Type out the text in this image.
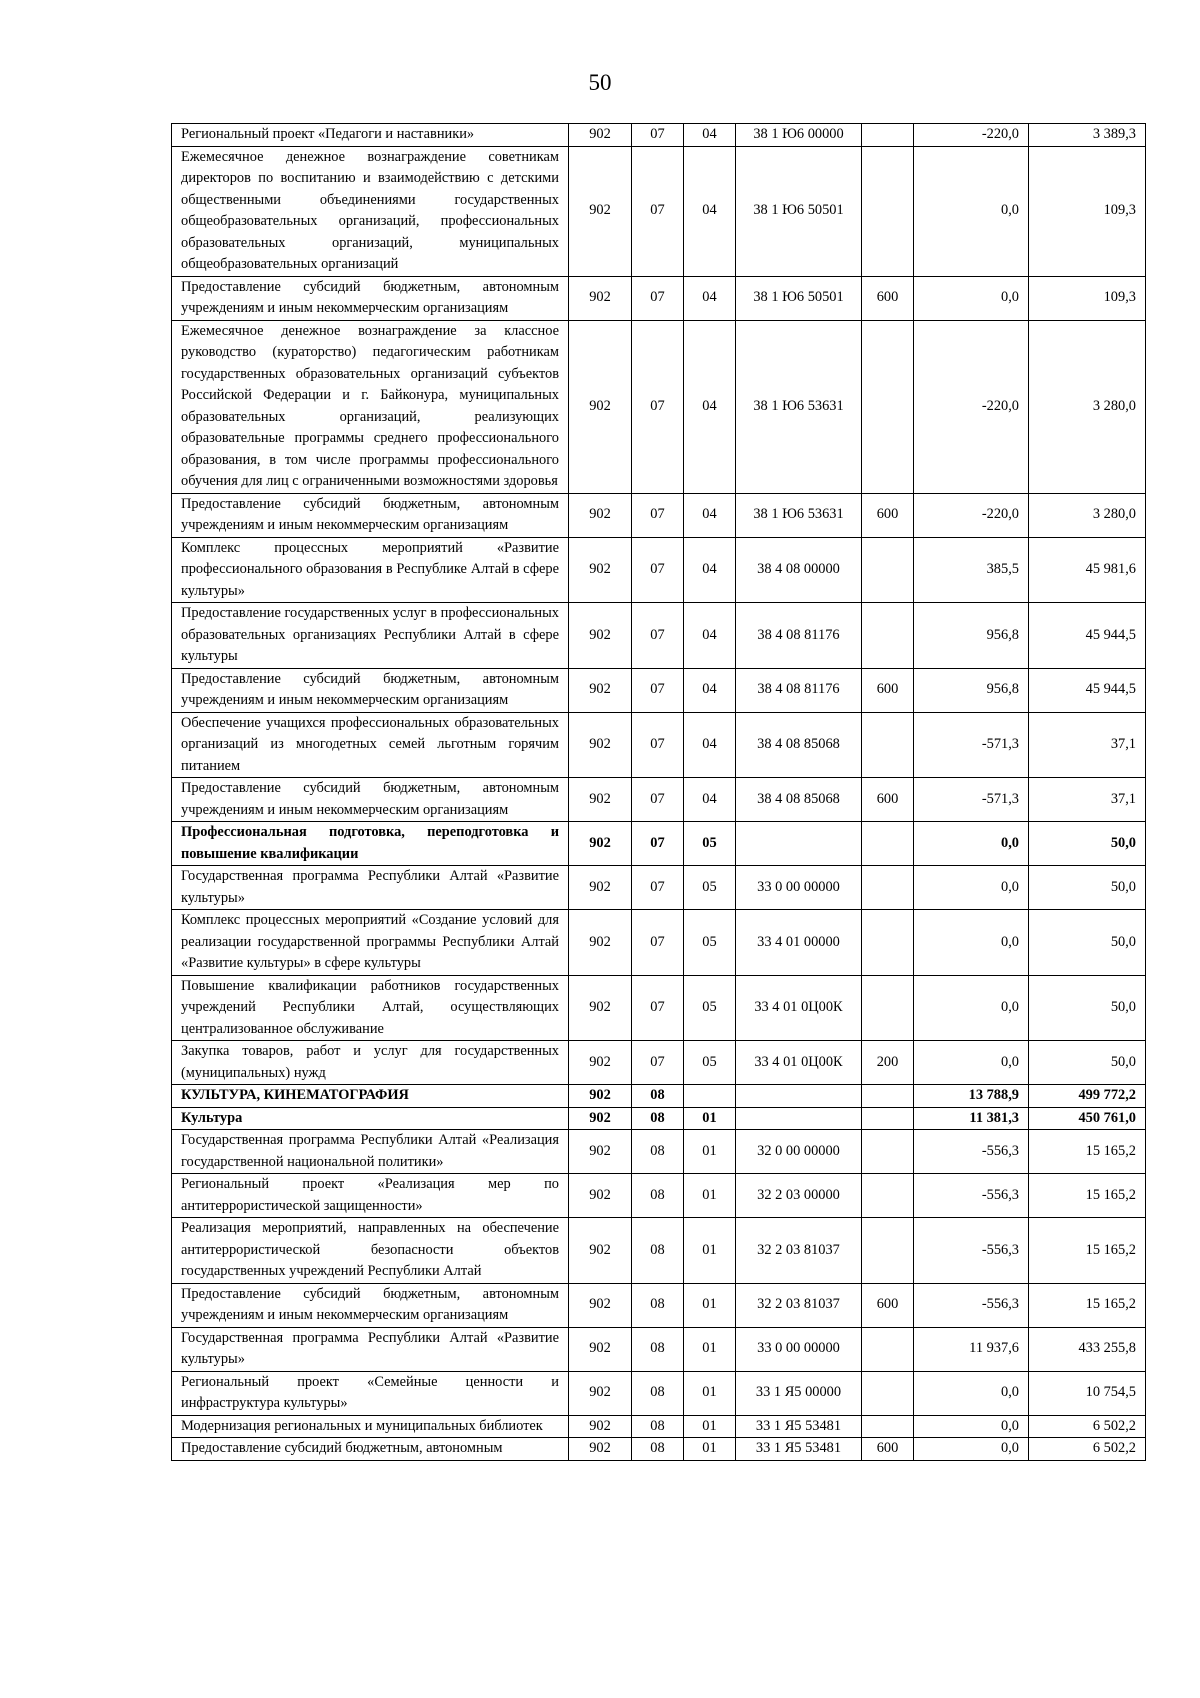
50
Региональный проект «Педагоги и наставники»	902	07	04	38 1 Ю6 00000		-220,0	3 389,3
Ежемесячное денежное вознаграждение советникам директоров по воспитанию и взаимодействию с детскими общественными объединениями государственных общеобразовательных организаций, профессиональных образовательных организаций, муниципальных общеобразовательных организаций	902	07	04	38 1 Ю6 50501		0,0	109,3
Предоставление субсидий бюджетным, автономным учреждениям и иным некоммерческим организациям	902	07	04	38 1 Ю6 50501	600	0,0	109,3
Ежемесячное денежное вознаграждение за классное руководство (кураторство) педагогическим работникам государственных образовательных организаций субъектов Российской Федерации и г. Байконура, муниципальных образовательных организаций, реализующих образовательные программы среднего профессионального образования, в том числе программы профессионального обучения для лиц с ограниченными возможностями здоровья	902	07	04	38 1 Ю6 53631		-220,0	3 280,0
Предоставление субсидий бюджетным, автономным учреждениям и иным некоммерческим организациям	902	07	04	38 1 Ю6 53631	600	-220,0	3 280,0
Комплекс процессных мероприятий «Развитие профессионального образования в Республике Алтай в сфере культуры»	902	07	04	38 4 08 00000		385,5	45 981,6
Предоставление государственных услуг в профессиональных образовательных организациях Республики Алтай в сфере культуры	902	07	04	38 4 08 81176		956,8	45 944,5
Предоставление субсидий бюджетным, автономным учреждениям и иным некоммерческим организациям	902	07	04	38 4 08 81176	600	956,8	45 944,5
Обеспечение учащихся профессиональных образовательных организаций из многодетных семей льготным горячим питанием	902	07	04	38 4 08 85068		-571,3	37,1
Предоставление субсидий бюджетным, автономным учреждениям и иным некоммерческим организациям	902	07	04	38 4 08 85068	600	-571,3	37,1
Профессиональная подготовка, переподготовка и повышение квалификации	902	07	05			0,0	50,0
Государственная программа Республики Алтай «Развитие культуры»	902	07	05	33 0 00 00000		0,0	50,0
Комплекс процессных мероприятий «Создание условий для реализации государственной программы Республики Алтай «Развитие культуры» в сфере культуры	902	07	05	33 4 01 00000		0,0	50,0
Повышение квалификации работников государственных учреждений Республики Алтай, осуществляющих централизованное обслуживание	902	07	05	33 4 01 0Ц00К		0,0	50,0
Закупка товаров, работ и услуг для государственных (муниципальных) нужд	902	07	05	33 4 01 0Ц00К	200	0,0	50,0
КУЛЬТУРА, КИНЕМАТОГРАФИЯ	902	08				13 788,9	499 772,2
Культура	902	08	01			11 381,3	450 761,0
Государственная программа Республики Алтай «Реализация государственной национальной политики»	902	08	01	32 0 00 00000		-556,3	15 165,2
Региональный проект «Реализация мер по антитеррористической защищенности»	902	08	01	32 2 03 00000		-556,3	15 165,2
Реализация мероприятий, направленных на обеспечение антитеррористической безопасности объектов государственных учреждений Республики Алтай	902	08	01	32 2 03 81037		-556,3	15 165,2
Предоставление субсидий бюджетным, автономным учреждениям и иным некоммерческим организациям	902	08	01	32 2 03 81037	600	-556,3	15 165,2
Государственная программа Республики Алтай «Развитие культуры»	902	08	01	33 0 00 00000		11 937,6	433 255,8
Региональный проект «Семейные ценности и инфраструктура культуры»	902	08	01	33 1 Я5 00000		0,0	10 754,5
Модернизация региональных и муниципальных библиотек	902	08	01	33 1 Я5 53481		0,0	6 502,2
Предоставление субсидий бюджетным, автономным	902	08	01	33 1 Я5 53481	600	0,0	6 502,2
